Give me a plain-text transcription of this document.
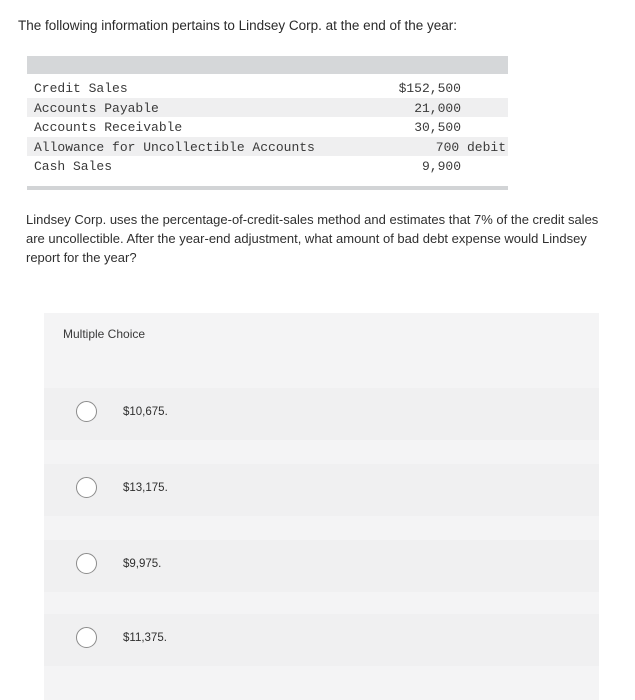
The following information pertains to Lindsey Corp. at the end of the year:
Credit Sales	$152,500
Accounts Payable	21,000
Accounts Receivable	30,500
Allowance for Uncollectible Accounts	700 debit
Cash Sales	9,900
Lindsey Corp. uses the percentage-of-credit-sales method and estimates that 7% of the credit sales are uncollectible. After the year-end adjustment, what amount of bad debt expense would Lindsey report for the year?
Multiple Choice
$10,675.
$13,175.
$9,975.
$11,375.
